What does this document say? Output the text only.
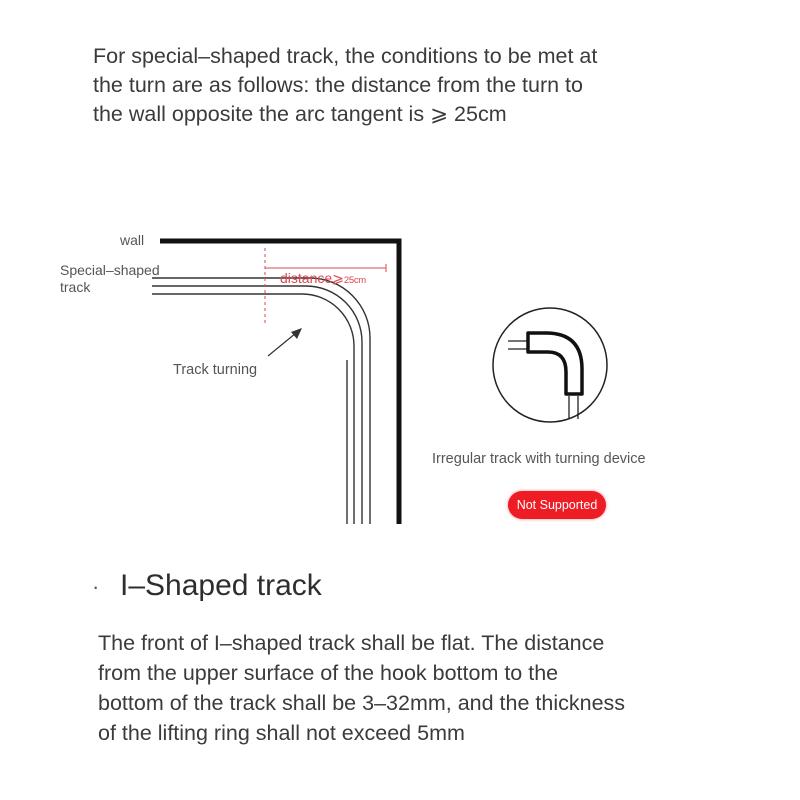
For special–shaped track, the conditions to be met at
the turn are as follows: the distance from the turn to
the wall opposite the arc tangent is ⩾ 25cm

wall
Special–shaped
track
Track turning
distance⩾25cm
Irregular track with turning device
Not Supported
· I–Shaped track

The front of I–shaped track shall be flat. The distance
from the upper surface of the hook bottom to the
bottom of the track shall be 3–32mm, and the thickness
of the lifting ring shall not exceed 5mm
